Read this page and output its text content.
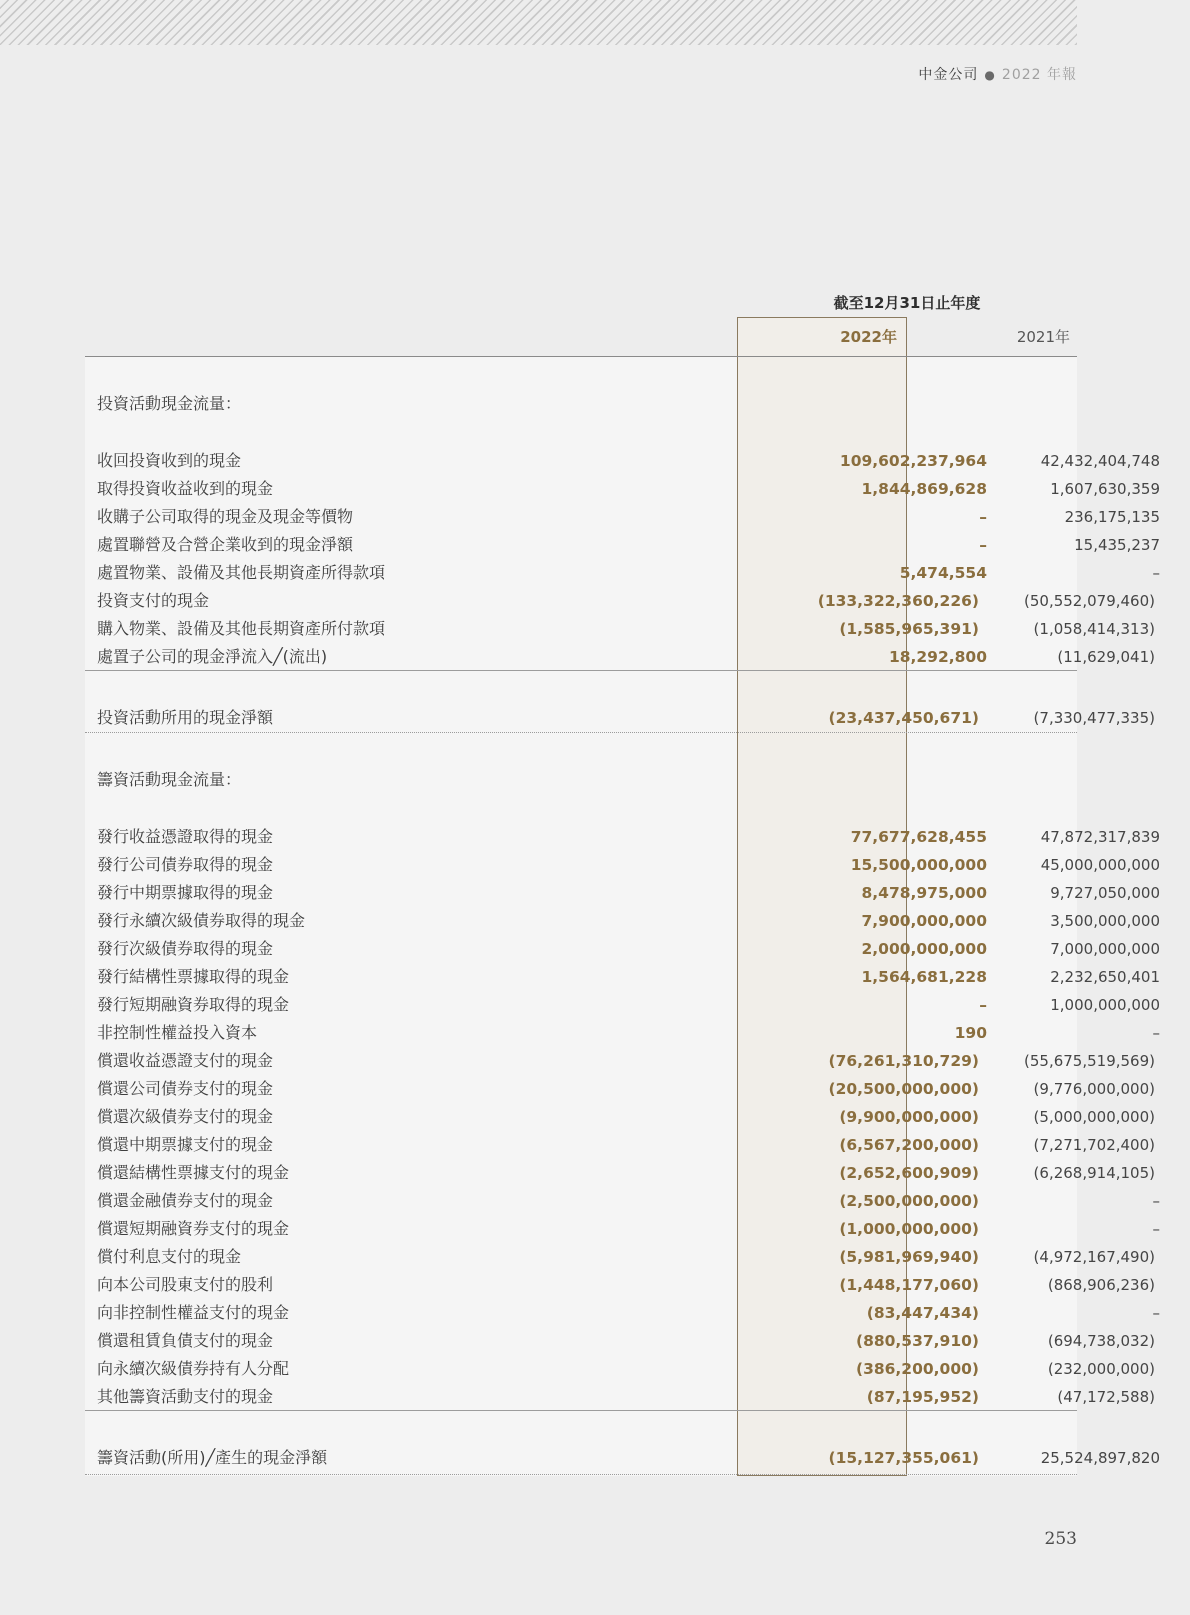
中金公司 ● 2022 年報
截至12月31日止年度
2022年	2021年
投資活動現金流量：
收回投資收到的現金	109,602,237,964	42,432,404,748
取得投資收益收到的現金	1,844,869,628	1,607,630,359
收購子公司取得的現金及現金等價物	–	236,175,135
處置聯營及合營企業收到的現金淨額	–	15,435,237
處置物業、設備及其他長期資產所得款項	5,474,554	–
投資支付的現金	(133,322,360,226)	(50,552,079,460)
購入物業、設備及其他長期資產所付款項	(1,585,965,391)	(1,058,414,313)
處置子公司的現金淨流入╱(流出)	18,292,800	(11,629,041)
投資活動所用的現金淨額	(23,437,450,671)	(7,330,477,335)
籌資活動現金流量：
發行收益憑證取得的現金	77,677,628,455	47,872,317,839
發行公司債券取得的現金	15,500,000,000	45,000,000,000
發行中期票據取得的現金	8,478,975,000	9,727,050,000
發行永續次級債券取得的現金	7,900,000,000	3,500,000,000
發行次級債券取得的現金	2,000,000,000	7,000,000,000
發行結構性票據取得的現金	1,564,681,228	2,232,650,401
發行短期融資券取得的現金	–	1,000,000,000
非控制性權益投入資本	190	–
償還收益憑證支付的現金	(76,261,310,729)	(55,675,519,569)
償還公司債券支付的現金	(20,500,000,000)	(9,776,000,000)
償還次級債券支付的現金	(9,900,000,000)	(5,000,000,000)
償還中期票據支付的現金	(6,567,200,000)	(7,271,702,400)
償還結構性票據支付的現金	(2,652,600,909)	(6,268,914,105)
償還金融債券支付的現金	(2,500,000,000)	–
償還短期融資券支付的現金	(1,000,000,000)	–
償付利息支付的現金	(5,981,969,940)	(4,972,167,490)
向本公司股東支付的股利	(1,448,177,060)	(868,906,236)
向非控制性權益支付的現金	(83,447,434)	–
償還租賃負債支付的現金	(880,537,910)	(694,738,032)
向永續次級債券持有人分配	(386,200,000)	(232,000,000)
其他籌資活動支付的現金	(87,195,952)	(47,172,588)
籌資活動(所用)╱產生的現金淨額	(15,127,355,061)	25,524,897,820
253
